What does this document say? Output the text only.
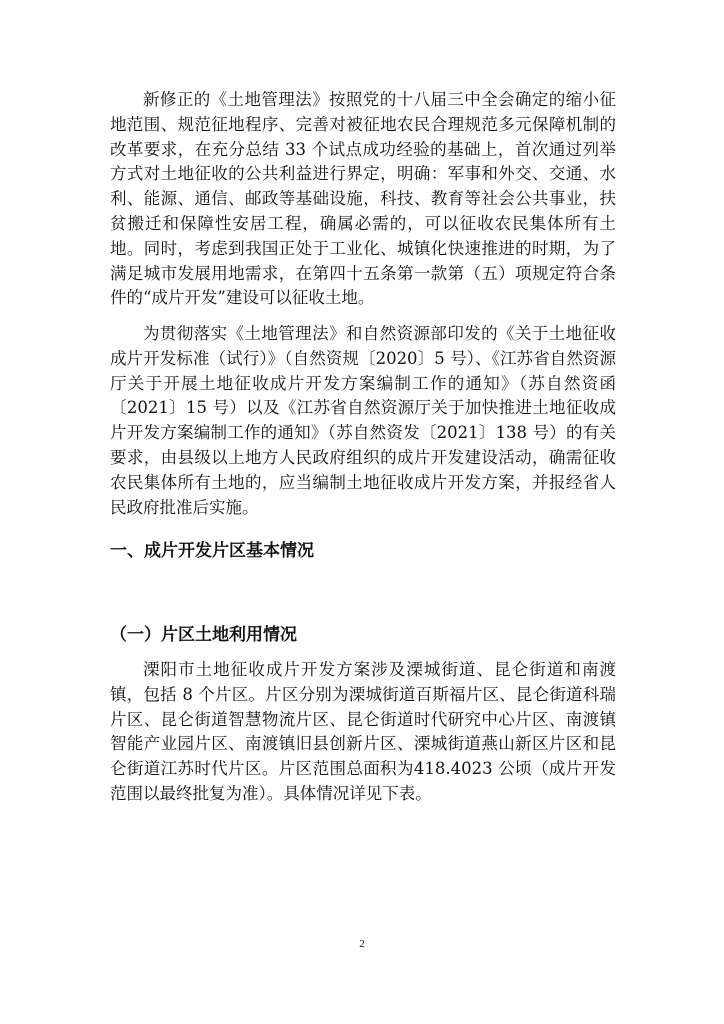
新修正的《土地管理法》按照党的十八届三中全会确定的缩小征地范围、规范征地程序、完善对被征地农民合理规范多元保障机制的改革要求，在充分总结 33 个试点成功经验的基础上，首次通过列举方式对土地征收的公共利益进行界定，明确：军事和外交、交通、水利、能源、通信、邮政等基础设施，科技、教育等社会公共事业，扶贫搬迁和保障性安居工程，确属必需的，可以征收农民集体所有土地。同时，考虑到我国正处于工业化、城镇化快速推进的时期，为了满足城市发展用地需求，在第四十五条第一款第（五）项规定符合条件的“成片开发”建设可以征收土地。

为贯彻落实《土地管理法》和自然资源部印发的《关于土地征收成片开发标准（试行）》（自然资规〔2020〕5 号）、《江苏省自然资源厅关于开展土地征收成片开发方案编制工作的通知》（苏自然资函〔2021〕15 号）以及《江苏省自然资源厅关于加快推进土地征收成片开发方案编制工作的通知》（苏自然资发〔2021〕138 号）的有关要求，由县级以上地方人民政府组织的成片开发建设活动，确需征收农民集体所有土地的，应当编制土地征收成片开发方案，并报经省人民政府批准后实施。

一、成片开发片区基本情况
（一）片区土地利用情况

溧阳市土地征收成片开发方案涉及溧城街道、昆仑街道和南渡镇，包括 8 个片区。片区分别为溧城街道百斯福片区、昆仑街道科瑞片区、昆仑街道智慧物流片区、昆仑街道时代研究中心片区、南渡镇智能产业园片区、南渡镇旧县创新片区、溧城街道燕山新区片区和昆仑街道江苏时代片区。片区范围总面积为418.4023 公顷（成片开发范围以最终批复为准）。具体情况详见下表。

2
